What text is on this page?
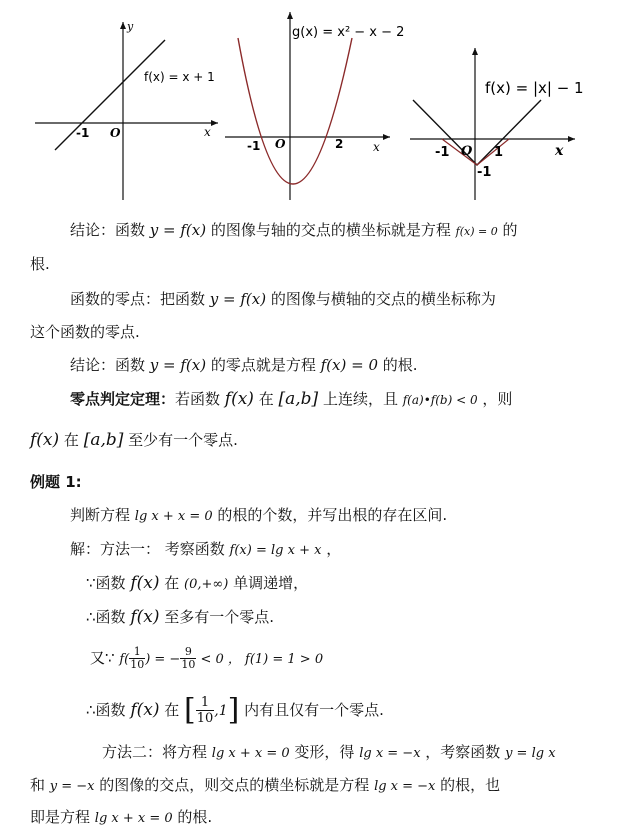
y
x
O
-1
f(x) = x + 1
g(x) = x² − x − 2
x
O
-1	2
f(x) = |x| − 1
x
O
-1	1
-1
结论：函数 y = f(x) 的图像与轴的交点的横坐标就是方程 f(x) = 0 的
根.
函数的零点：把函数 y = f(x) 的图像与横轴的交点的横坐标称为
这个函数的零点.
结论：函数 y = f(x) 的零点就是方程 f(x) = 0 的根.
零点判定定理：若函数 f(x) 在 [a,b] 上连续，且 f(a)•f(b) < 0 ，则
f(x) 在 [a,b] 至少有一个零点.
例题 1:
判断方程 lg x + x = 0 的根的个数，并写出根的存在区间.
解：方法一： 考察函数 f(x) = lg x + x ，
∵函数 f(x) 在 (0,+∞) 单调递增，
∴函数 f(x) 至多有一个零点.
又∵ $f( \frac{1}{10}$ ) = − $\frac{9}{10} < 0$ ， f(1) = 1 > 0
∴函数 f(x) 在 [ $\frac{1}{10} ,1$] 内有且仅有一个零点.
方法二：将方程 lg x + x = 0 变形，得 lg x = −x ，考察函数 y = lg x
和 y = −x 的图像的交点，则交点的横坐标就是方程 lg x = −x 的根，也
即是方程 lg x + x = 0 的根.
